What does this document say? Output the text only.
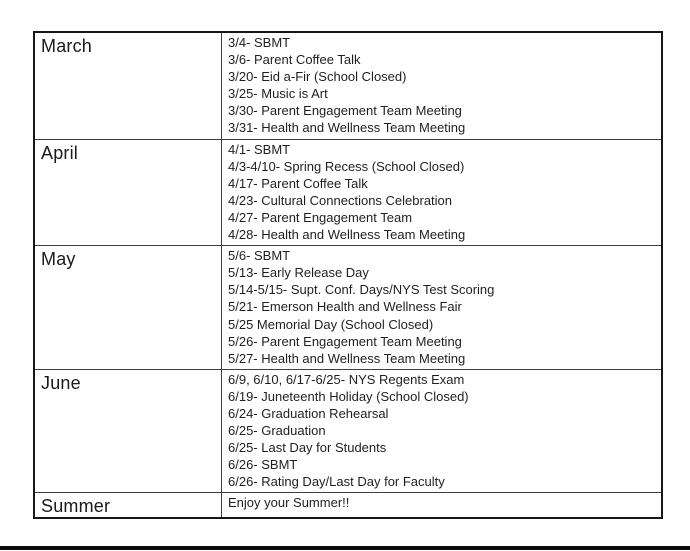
March	3/4- SBMT
3/6- Parent Coffee Talk
3/20- Eid a-Fir (School Closed)
3/25- Music is Art
3/30- Parent Engagement Team Meeting
3/31- Health and Wellness Team Meeting

April	4/1- SBMT
4/3-4/10- Spring Recess (School Closed)
4/17- Parent Coffee Talk
4/23- Cultural Connections Celebration
4/27- Parent Engagement Team
4/28- Health and Wellness Team Meeting

May	5/6- SBMT
5/13- Early Release Day
5/14-5/15- Supt. Conf. Days/NYS Test Scoring
5/21- Emerson Health and Wellness Fair
5/25 Memorial Day (School Closed)
5/26- Parent Engagement Team Meeting
5/27- Health and Wellness Team Meeting

June	6/9, 6/10, 6/17-6/25- NYS Regents Exam
6/19- Juneteenth Holiday (School Closed)
6/24- Graduation Rehearsal
6/25- Graduation
6/25- Last Day for Students
6/26- SBMT
6/26- Rating Day/Last Day for Faculty

Summer	Enjoy your Summer!!
